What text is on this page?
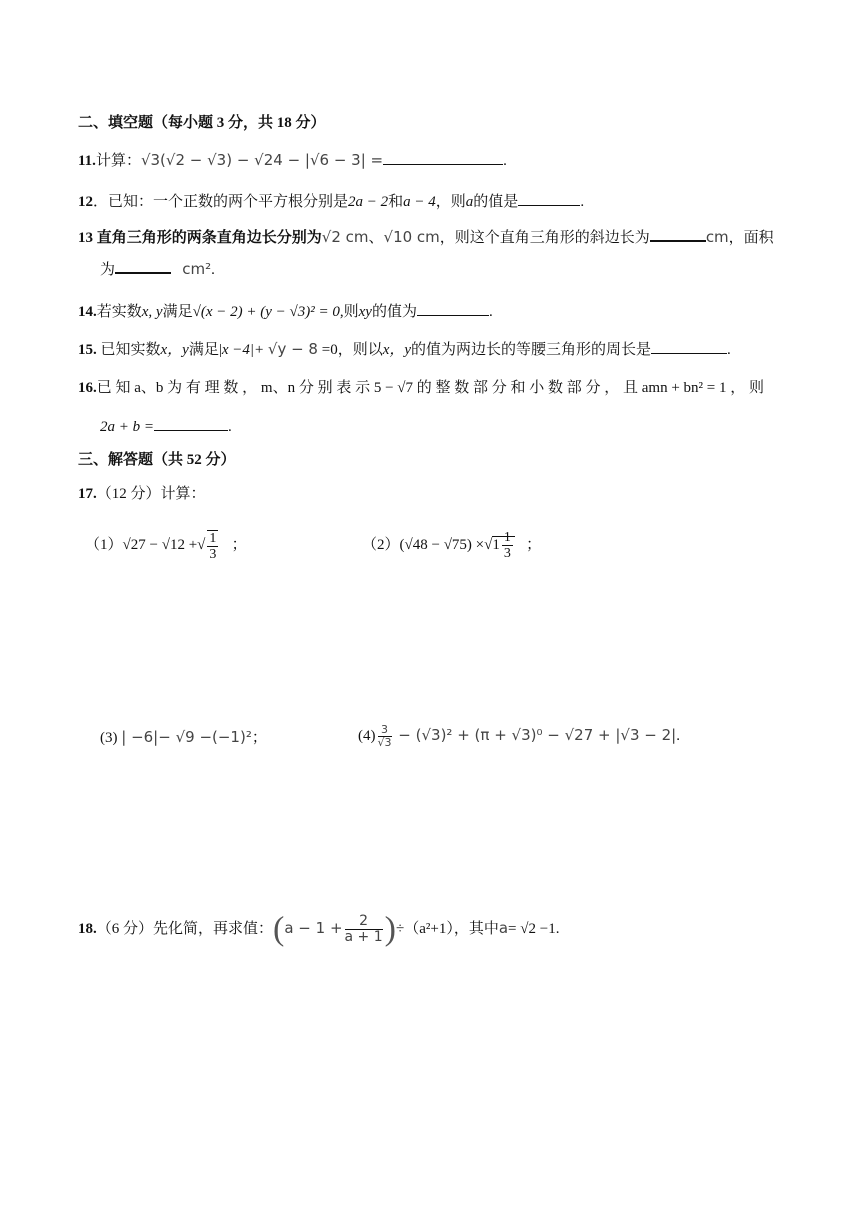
二、填空题（每小题 3 分，共 18 分）
11.计算：√3(√2 − √3) − √24 − |√6 − 3| =	.
12．已知：一个正数的两个平方根分别是2a − 2和a − 4，则a的值是	.
13 直角三角形的两条直角边长分别为√2 cm、√10 cm，则这个直角三角形的斜边长为	cm，面积
为	cm².
14.若实数x, y满足√(x − 2) + (y − √3)² = 0,则xy的值为	.
15. 已知实数x，y满足|x −4|+ √y − 8 =0，则以x，y的值为两边长的等腰三角形的周长是	.
16.已 知 a、b 为 有 理 数 ， m、n 分 别 表 示 5 − √7 的 整 数 部 分 和 小 数 部 分 ， 且 amn + bn² = 1 ， 则
2a + b =	.
三、解答题（共 52 分）
17.（12 分）计算：
（1）√27 − √12 +√ $\frac{1}{3}$ ；	$(2)(√48 - √75) \times√1 \frac{1}{3}$ ；
(3) | −6|− √9 −(−1)²；	$(4) \frac{3}{√3} - (√3)^2 + (\pi + √3)^0 - √27 + |√3 - 2|$.
18.（6 分）先化简，再求值：$(a - 1 + \frac{2}{a + 1} )\div(a^2+1)$，其中a= √2 −1.
